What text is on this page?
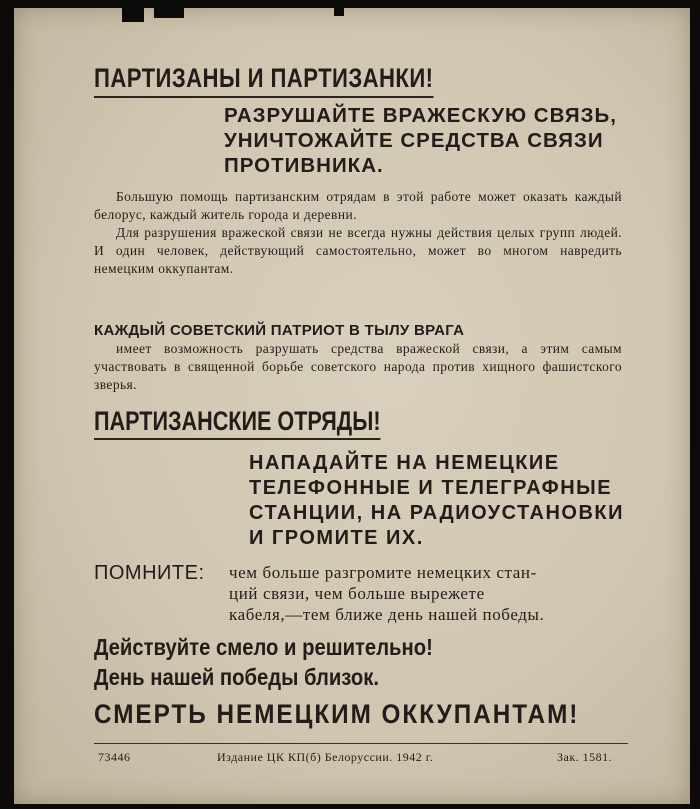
ПАРТИЗАНЫ И ПАРТИЗАНКИ!
РАЗРУШАЙТЕ ВРАЖЕСКУЮ СВЯЗЬ,
УНИЧТОЖАЙТЕ СРЕДСТВА СВЯЗИ
ПРОТИВНИКА.

Большую помощь партизанским отрядам в этой работе может оказать каждый белорус, каждый житель города и деревни.

Для разрушения вражеской связи не всегда нужны действия целых групп людей. И один человек, действующий самостоятельно, может во многом навредить немецким оккупантам.

КАЖДЫЙ СОВЕТСКИЙ ПАТРИОТ В ТЫЛУ ВРАГА

имеет возможность разрушать средства вражеской связи, а этим самым участвовать в священной борьбе советского народа против хищного фашистского зверья.

ПАРТИЗАНСКИЕ ОТРЯДЫ!
НАПАДАЙТЕ НА НЕМЕЦКИЕ
ТЕЛЕФОННЫЕ И ТЕЛЕГРАФНЫЕ
СТАНЦИИ, НА РАДИОУСТАНОВКИ
И ГРОМИТЕ ИХ.
ПОМНИТЕ: чем больше разгромите немецких стан-
ций связи, чем больше вырежете
кабеля,—тем ближе день нашей победы.
Действуйте смело и решительно!
День нашей победы близок.
СМЕРТЬ НЕМЕЦКИМ ОККУПАНТАМ!
73446	Издание ЦК КП(б) Белоруссии. 1942 г.	Зак. 1581.
